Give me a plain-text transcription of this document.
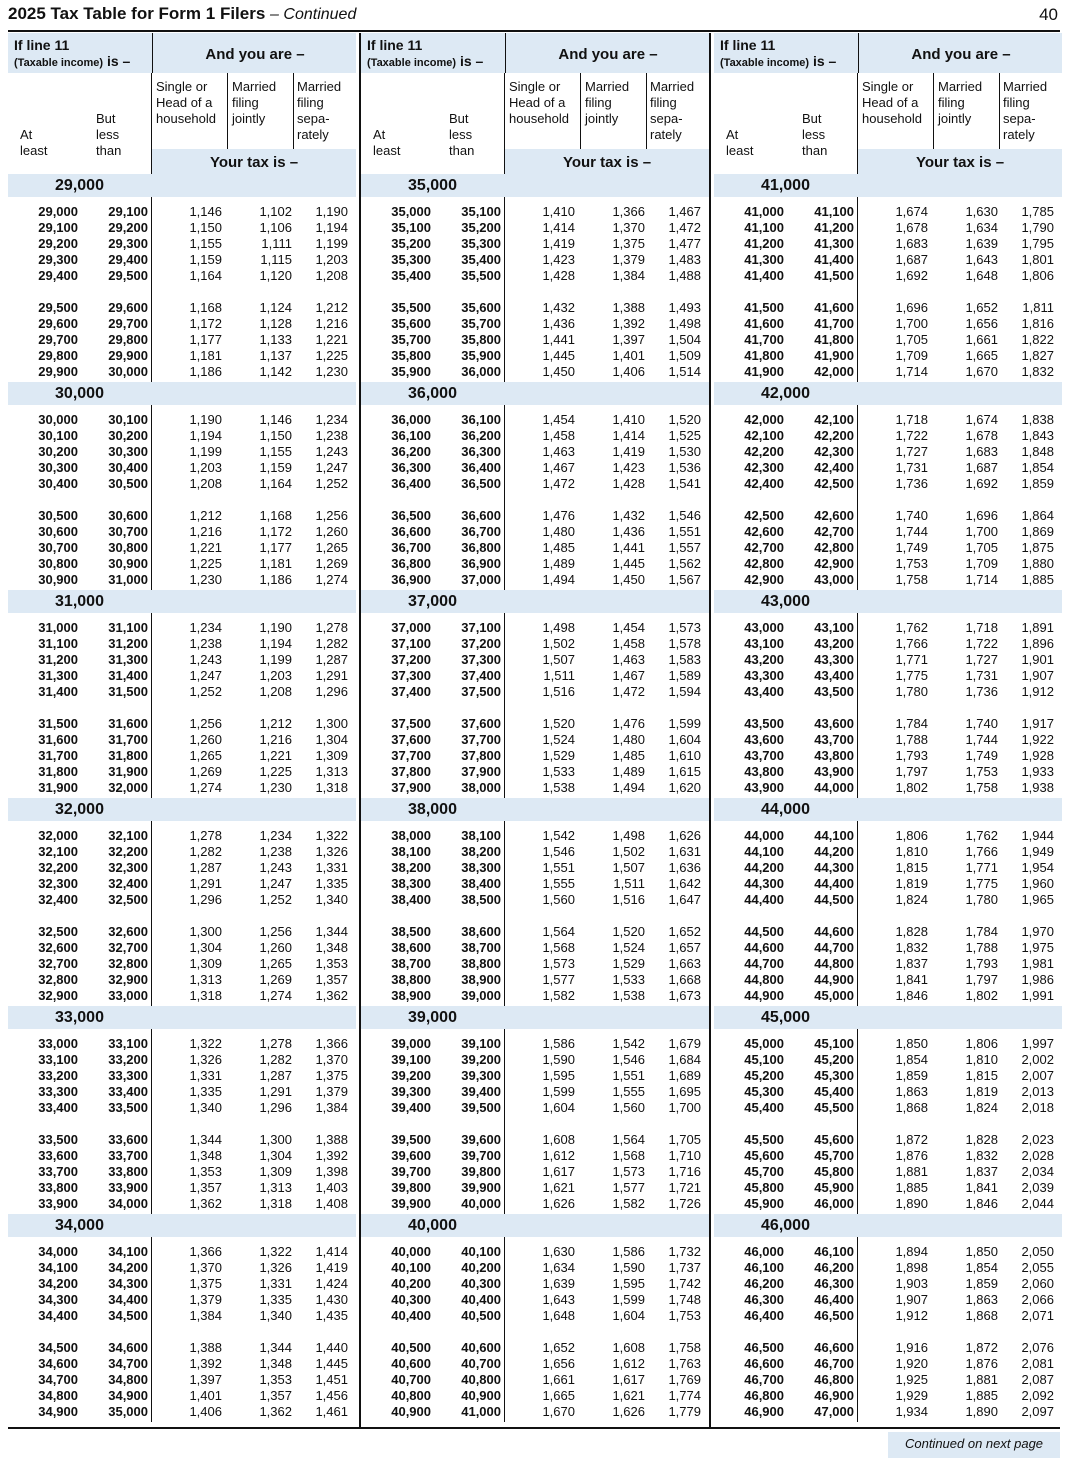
2025 Tax Table for Form 1 Filers – Continued	40
If line 11
(Taxable income) is –	And you are –
At least
But less than
Single or Head of a household
Married filing jointly
Married filing sepa- rately
Your tax is –
29,000
29,000 29,100	1,146	1,102 1,190
29,100 29,200	1,150	1,106 1,194
29,200 29,300	1,155	1,111 1,199
29,300 29,400	1,159	1,115 1,203
29,400 29,500	1,164	1,120 1,208
29,500 29,600	1,168	1,124 1,212
29,600 29,700	1,172	1,128 1,216
29,700 29,800	1,177	1,133 1,221
29,800 29,900	1,181	1,137 1,225
29,900 30,000	1,186	1,142 1,230
30,000
30,000 30,100	1,190	1,146 1,234
30,100 30,200	1,194	1,150 1,238
30,200 30,300	1,199	1,155 1,243
30,300 30,400	1,203	1,159 1,247
30,400 30,500	1,208	1,164 1,252
30,500 30,600	1,212	1,168 1,256
30,600 30,700	1,216	1,172 1,260
30,700 30,800	1,221	1,177 1,265
30,800 30,900	1,225	1,181 1,269
30,900 31,000	1,230	1,186 1,274
31,000
31,000 31,100	1,234	1,190 1,278
31,100 31,200	1,238	1,194 1,282
31,200 31,300	1,243	1,199 1,287
31,300 31,400	1,247	1,203 1,291
31,400 31,500	1,252	1,208 1,296
31,500 31,600	1,256	1,212 1,300
31,600 31,700	1,260	1,216 1,304
31,700 31,800	1,265	1,221 1,309
31,800 31,900	1,269	1,225 1,313
31,900 32,000	1,274	1,230 1,318
32,000
32,000 32,100	1,278	1,234 1,322
32,100 32,200	1,282	1,238 1,326
32,200 32,300	1,287	1,243 1,331
32,300 32,400	1,291	1,247 1,335
32,400 32,500	1,296	1,252 1,340
32,500 32,600	1,300	1,256 1,344
32,600 32,700	1,304	1,260 1,348
32,700 32,800	1,309	1,265 1,353
32,800 32,900	1,313	1,269 1,357
32,900 33,000	1,318	1,274 1,362
33,000
33,000 33,100	1,322	1,278 1,366
33,100 33,200	1,326	1,282 1,370
33,200 33,300	1,331	1,287 1,375
33,300 33,400	1,335	1,291 1,379
33,400 33,500	1,340	1,296 1,384
33,500 33,600	1,344	1,300 1,388
33,600 33,700	1,348	1,304 1,392
33,700 33,800	1,353	1,309 1,398
33,800 33,900	1,357	1,313 1,403
33,900 34,000	1,362	1,318 1,408
34,000
34,000 34,100	1,366	1,322 1,414
34,100 34,200	1,370	1,326 1,419
34,200 34,300	1,375	1,331 1,424
34,300 34,400	1,379	1,335 1,430
34,400 34,500	1,384	1,340 1,435
34,500 34,600	1,388	1,344 1,440
34,600 34,700	1,392	1,348 1,445
34,700 34,800	1,397	1,353 1,451
34,800 34,900	1,401	1,357 1,456
34,900 35,000	1,406	1,362 1,461
If line 11
(Taxable income) is –	And you are –
At least
But less than
Single or Head of a household
Married filing jointly
Married filing sepa- rately
Your tax is –
35,000
35,000 35,100	1,410	1,366 1,467
35,100 35,200	1,414	1,370 1,472
35,200 35,300	1,419	1,375 1,477
35,300 35,400	1,423	1,379 1,483
35,400 35,500	1,428	1,384 1,488
35,500 35,600	1,432	1,388 1,493
35,600 35,700	1,436	1,392 1,498
35,700 35,800	1,441	1,397 1,504
35,800 35,900	1,445	1,401 1,509
35,900 36,000	1,450	1,406 1,514
36,000
36,000 36,100	1,454	1,410 1,520
36,100 36,200	1,458	1,414 1,525
36,200 36,300	1,463	1,419 1,530
36,300 36,400	1,467	1,423 1,536
36,400 36,500	1,472	1,428 1,541
36,500 36,600	1,476	1,432 1,546
36,600 36,700	1,480	1,436 1,551
36,700 36,800	1,485	1,441 1,557
36,800 36,900	1,489	1,445 1,562
36,900 37,000	1,494	1,450 1,567
37,000
37,000 37,100	1,498	1,454 1,573
37,100 37,200	1,502	1,458 1,578
37,200 37,300	1,507	1,463 1,583
37,300 37,400	1,511	1,467 1,589
37,400 37,500	1,516	1,472 1,594
37,500 37,600	1,520	1,476 1,599
37,600 37,700	1,524	1,480 1,604
37,700 37,800	1,529	1,485 1,610
37,800 37,900	1,533	1,489 1,615
37,900 38,000	1,538	1,494 1,620
38,000
38,000 38,100	1,542	1,498 1,626
38,100 38,200	1,546	1,502 1,631
38,200 38,300	1,551	1,507 1,636
38,300 38,400	1,555	1,511 1,642
38,400 38,500	1,560	1,516 1,647
38,500 38,600	1,564	1,520 1,652
38,600 38,700	1,568	1,524 1,657
38,700 38,800	1,573	1,529 1,663
38,800 38,900	1,577	1,533 1,668
38,900 39,000	1,582	1,538 1,673
39,000
39,000 39,100	1,586	1,542 1,679
39,100 39,200	1,590	1,546 1,684
39,200 39,300	1,595	1,551 1,689
39,300 39,400	1,599	1,555 1,695
39,400 39,500	1,604	1,560 1,700
39,500 39,600	1,608	1,564 1,705
39,600 39,700	1,612	1,568 1,710
39,700 39,800	1,617	1,573 1,716
39,800 39,900	1,621	1,577 1,721
39,900 40,000	1,626	1,582 1,726
40,000
40,000 40,100	1,630	1,586 1,732
40,100 40,200	1,634	1,590 1,737
40,200 40,300	1,639	1,595 1,742
40,300 40,400	1,643	1,599 1,748
40,400 40,500	1,648	1,604 1,753
40,500 40,600	1,652	1,608 1,758
40,600 40,700	1,656	1,612 1,763
40,700 40,800	1,661	1,617 1,769
40,800 40,900	1,665	1,621 1,774
40,900 41,000	1,670	1,626 1,779
If line 11
(Taxable income) is –	And you are –
At least
But less than
Single or Head of a household
Married filing jointly
Married filing sepa- rately
Your tax is –
41,000
41,000 41,100	1,674	1,630 1,785
41,100 41,200	1,678	1,634 1,790
41,200 41,300	1,683	1,639 1,795
41,300 41,400	1,687	1,643 1,801
41,400 41,500	1,692	1,648 1,806
41,500 41,600	1,696	1,652 1,811
41,600 41,700	1,700	1,656 1,816
41,700 41,800	1,705	1,661 1,822
41,800 41,900	1,709	1,665 1,827
41,900 42,000	1,714	1,670 1,832
42,000
42,000 42,100	1,718	1,674 1,838
42,100 42,200	1,722	1,678 1,843
42,200 42,300	1,727	1,683 1,848
42,300 42,400	1,731	1,687 1,854
42,400 42,500	1,736	1,692 1,859
42,500 42,600	1,740	1,696 1,864
42,600 42,700	1,744	1,700 1,869
42,700 42,800	1,749	1,705 1,875
42,800 42,900	1,753	1,709 1,880
42,900 43,000	1,758	1,714 1,885
43,000
43,000 43,100	1,762	1,718 1,891
43,100 43,200	1,766	1,722 1,896
43,200 43,300	1,771	1,727 1,901
43,300 43,400	1,775	1,731 1,907
43,400 43,500	1,780	1,736 1,912
43,500 43,600	1,784	1,740 1,917
43,600 43,700	1,788	1,744 1,922
43,700 43,800	1,793	1,749 1,928
43,800 43,900	1,797	1,753 1,933
43,900 44,000	1,802	1,758 1,938
44,000
44,000 44,100	1,806	1,762 1,944
44,100 44,200	1,810	1,766 1,949
44,200 44,300	1,815	1,771 1,954
44,300 44,400	1,819	1,775 1,960
44,400 44,500	1,824	1,780 1,965
44,500 44,600	1,828	1,784 1,970
44,600 44,700	1,832	1,788 1,975
44,700 44,800	1,837	1,793 1,981
44,800 44,900	1,841	1,797 1,986
44,900 45,000	1,846	1,802 1,991
45,000
45,000 45,100	1,850	1,806 1,997
45,100 45,200	1,854	1,810 2,002
45,200 45,300	1,859	1,815 2,007
45,300 45,400	1,863	1,819 2,013
45,400 45,500	1,868	1,824 2,018
45,500 45,600	1,872	1,828 2,023
45,600 45,700	1,876	1,832 2,028
45,700 45,800	1,881	1,837 2,034
45,800 45,900	1,885	1,841 2,039
45,900 46,000	1,890	1,846 2,044
46,000
46,000 46,100	1,894	1,850 2,050
46,100 46,200	1,898	1,854 2,055
46,200 46,300	1,903	1,859 2,060
46,300 46,400	1,907	1,863 2,066
46,400 46,500	1,912	1,868 2,071
46,500 46,600	1,916	1,872 2,076
46,600 46,700	1,920	1,876 2,081
46,700 46,800	1,925	1,881 2,087
46,800 46,900	1,929	1,885 2,092
46,900 47,000	1,934	1,890 2,097
Continued on next page
